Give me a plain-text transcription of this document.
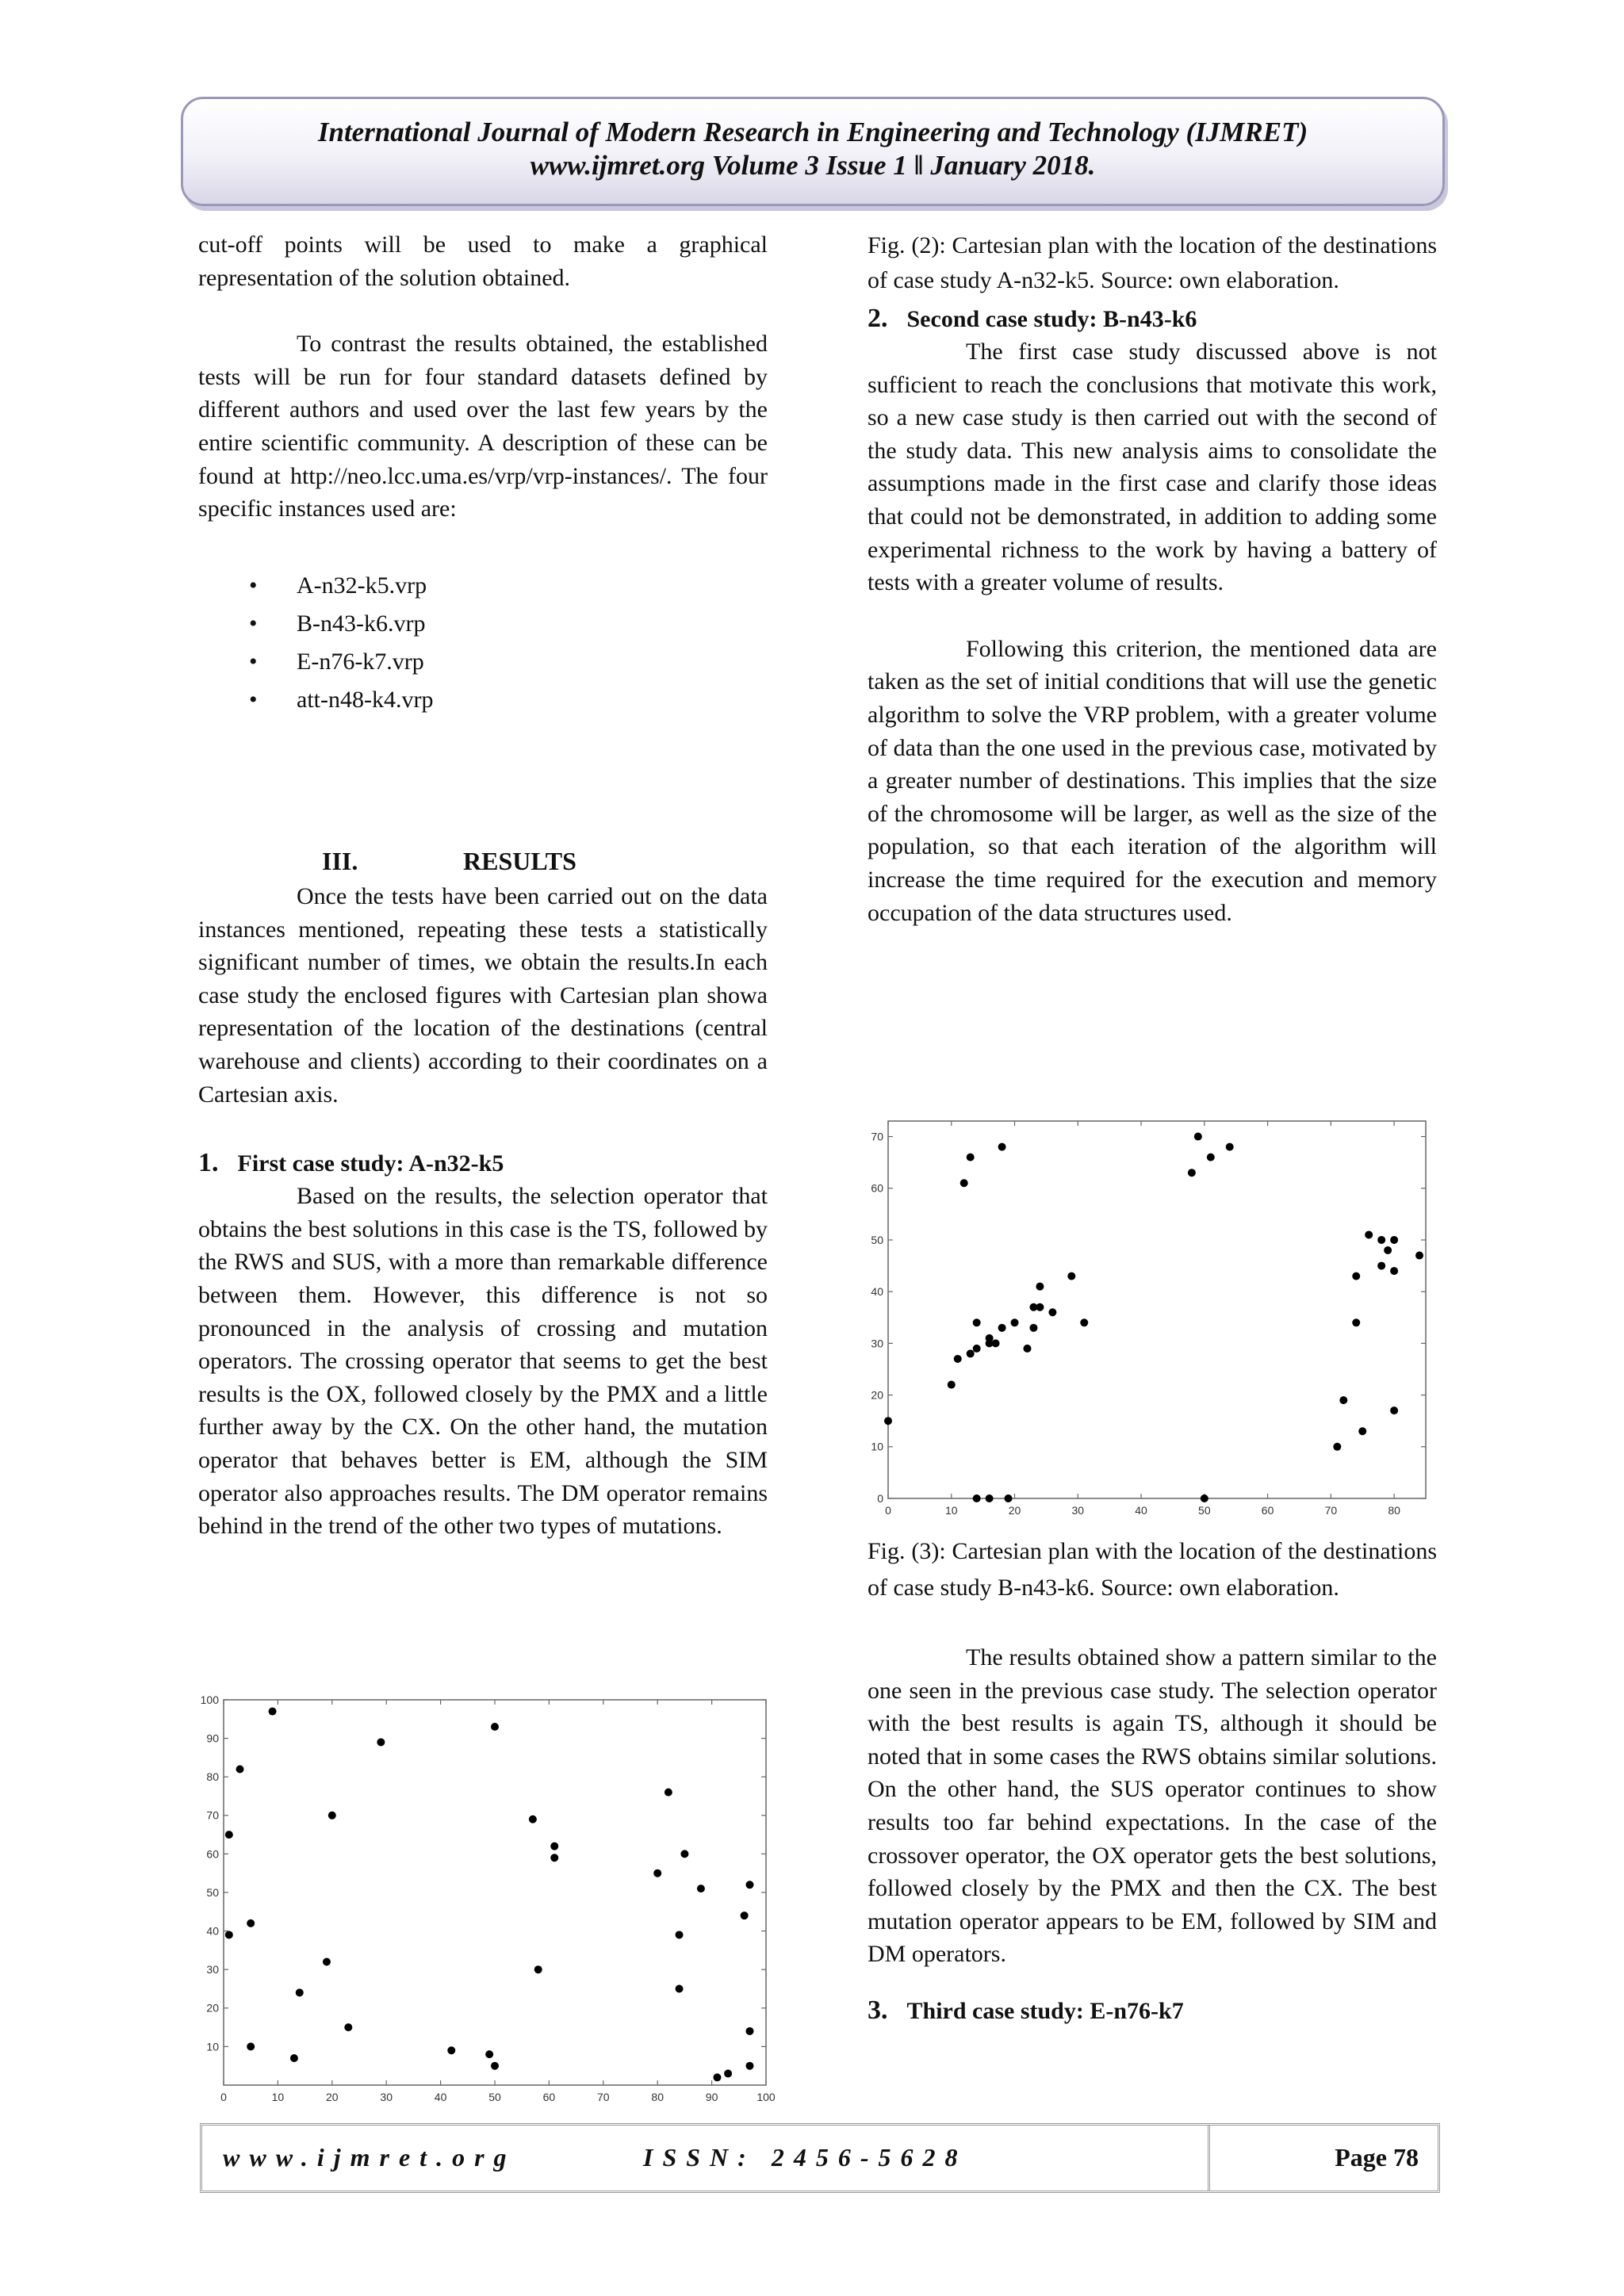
International Journal of Modern Research in Engineering and Technology (IJMRET)
www.ijmret.org Volume 3 Issue 1 ǁ January 2018.

cut-off points will be used to make a graphical representation of the solution obtained.

To contrast the results obtained, the established tests will be run for four standard datasets defined by different authors and used over the last few years by the entire scientific community. A description of these can be found at http://neo.lcc.uma.es/vrp/vrp-instances/. The four specific instances used are:

• A-n32-k5.vrp
• B-n43-k6.vrp
• E-n76-k7.vrp
• att-n48-k4.vrp
III.	RESULTS

Once the tests have been carried out on the data instances mentioned, repeating these tests a statistically significant number of times, we obtain the results.In each case study the enclosed figures with Cartesian plan showa representation of the location of the destinations (central warehouse and clients) according to their coordinates on a Cartesian axis.

1. First case study: A-n32-k5

Based on the results, the selection operator that obtains the best solutions in this case is the TS, followed by the RWS and SUS, with a more than remarkable difference between them. However, this difference is not so pronounced in the analysis of crossing and mutation operators. The crossing operator that seems to get the best results is the OX, followed closely by the PMX and a little further away by the CX. On the other hand, the mutation operator that behaves better is EM, although the SIM operator also approaches results. The DM operator remains behind in the trend of the other two types of mutations.

0	10	20	30	40	50	60	70	80	90	100
10
20
30
40
50
60
70
80
90
100

Fig. (2): Cartesian plan with the location of the destinations of case study A-n32-k5. Source: own elaboration.

2. Second case study: B-n43-k6

The first case study discussed above is not sufficient to reach the conclusions that motivate this work, so a new case study is then carried out with the second of the study data. This new analysis aims to consolidate the assumptions made in the first case and clarify those ideas that could not be demonstrated, in addition to adding some experimental richness to the work by having a battery of tests with a greater volume of results.

Following this criterion, the mentioned data are taken as the set of initial conditions that will use the genetic algorithm to solve the VRP problem, with a greater volume of data than the one used in the previous case, motivated by a greater number of destinations. This implies that the size of the chromosome will be larger, as well as the size of the population, so that each iteration of the algorithm will increase the time required for the execution and memory occupation of the data structures used.

0	10	20	30	40	50	60	70	80
0
10
20
30
40
50
60
70

Fig. (3): Cartesian plan with the location of the destinations of case study B-n43-k6. Source: own elaboration.

The results obtained show a pattern similar to the one seen in the previous case study. The selection operator with the best results is again TS, although it should be noted that in some cases the RWS obtains similar solutions. On the other hand, the SUS operator continues to show results too far behind expectations. In the case of the crossover operator, the OX operator gets the best solutions, followed closely by the PMX and then the CX. The best mutation operator appears to be EM, followed by SIM and DM operators.

3. Third case study: E-n76-k7
www.ijmret.org	ISSN: 2456-5628	Page 78
